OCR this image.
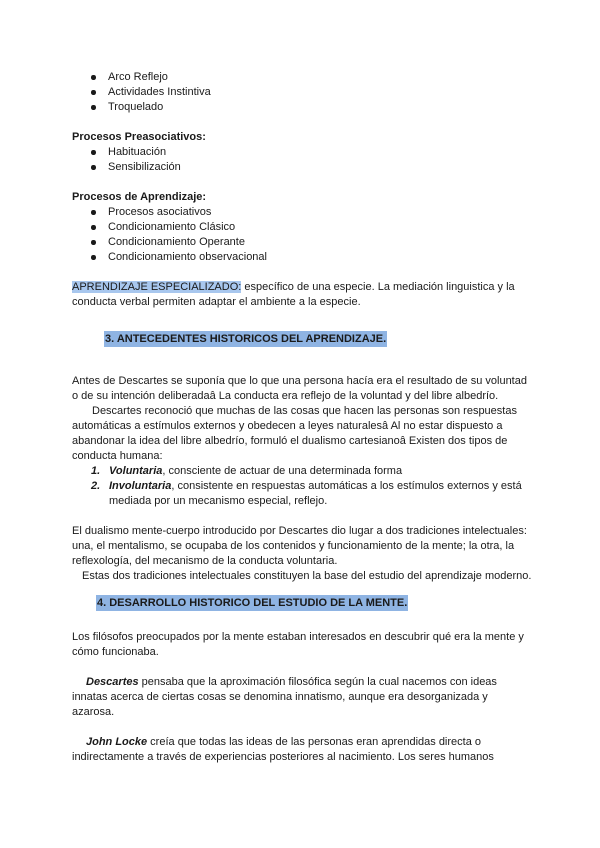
Arco Reflejo
Actividades Instintiva
Troquelado
Procesos Preasociativos:
Habituación
Sensibilización
Procesos de Aprendizaje:
Procesos asociativos
Condicionamiento Clásico
Condicionamiento Operante
Condicionamiento observacional

APRENDIZAJE ESPECIALIZADO: específico de una especie. La mediación linguistica y la conducta verbal permiten adaptar el ambiente a la especie.

3. ANTECEDENTES HISTORICOS DEL APRENDIZAJE.

Antes de Descartes se suponía que lo que una persona hacía era el resultado de su voluntad o de su intención deliberadaâ La conducta era reflejo de la voluntad y del libre albedrío.

Descartes reconoció que muchas de las cosas que hacen las personas son respuestas automáticas a estímulos externos y obedecen a leyes naturalesâ Al no estar dispuesto a abandonar la idea del libre albedrío, formuló el dualismo cartesianoâ Existen dos tipos de conducta humana:

1. Voluntaria, consciente de actuar de una determinada forma
2. Involuntaria, consistente en respuestas automáticas a los estímulos externos y está mediada por un mecanismo especial, reflejo.

El dualismo mente-cuerpo introducido por Descartes dio lugar a dos tradiciones intelectuales: una, el mentalismo, se ocupaba de los contenidos y funcionamiento de la mente; la otra, la reflexología, del mecanismo de la conducta voluntaria.

Estas dos tradiciones intelectuales constituyen la base del estudio del aprendizaje moderno.

4. DESARROLLO HISTORICO DEL ESTUDIO DE LA MENTE.

Los filósofos preocupados por la mente estaban interesados en descubrir qué era la mente y cómo funcionaba.

Descartes pensaba que la aproximación filosófica según la cual nacemos con ideas innatas acerca de ciertas cosas se denomina innatismo, aunque era desorganizada y azarosa.

John Locke creía que todas las ideas de las personas eran aprendidas directa o indirectamente a través de experiencias posteriores al nacimiento. Los seres humanos
